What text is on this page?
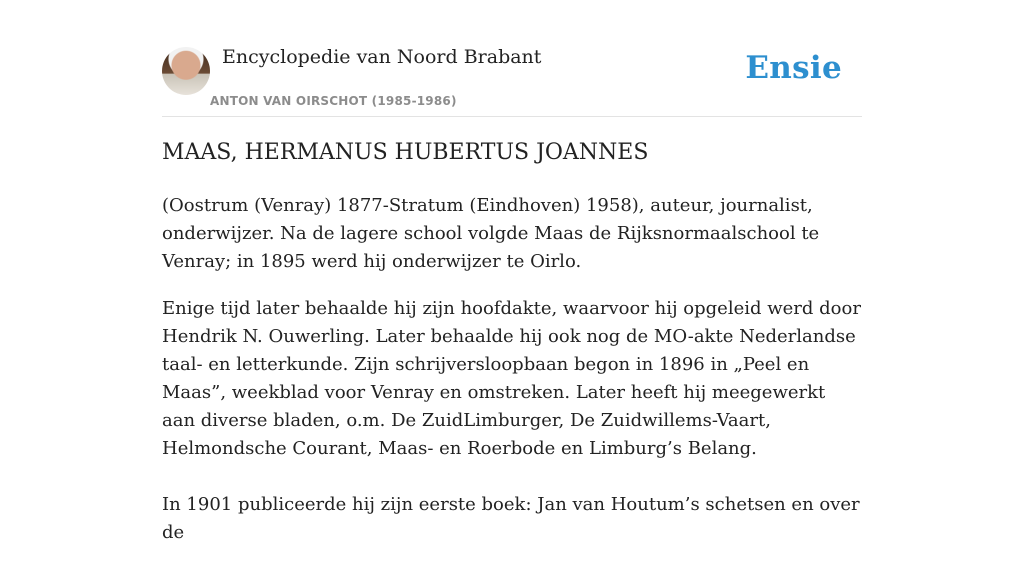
Encyclopedie van Noord Brabant
ANTON VAN OIRSCHOT (1985-1986)
Ensie
MAAS, HERMANUS HUBERTUS JOANNES

(Oostrum (Venray) 1877-Stratum (Eindhoven) 1958), auteur, journalist, onderwijzer. Na de lagere school volgde Maas de Rijksnormaalschool te Venray; in 1895 werd hij onderwijzer te Oirlo.

Enige tijd later behaalde hij zijn hoofdakte, waarvoor hij opgeleid werd door Hendrik N. Ouwerling. Later behaalde hij ook nog de MO-akte Nederlandse taal- en letterkunde. Zijn schrijversloopbaan begon in 1896 in „Peel en Maas”, weekblad voor Venray en omstreken. Later heeft hij meegewerkt aan diverse bladen, o.m. De ZuidLimburger, De Zuidwillems-Vaart, Helmondsche Courant, Maas- en Roerbode en Limburg’s Belang.

In 1901 publiceerde hij zijn eerste boek: Jan van Houtum’s schetsen en over de
